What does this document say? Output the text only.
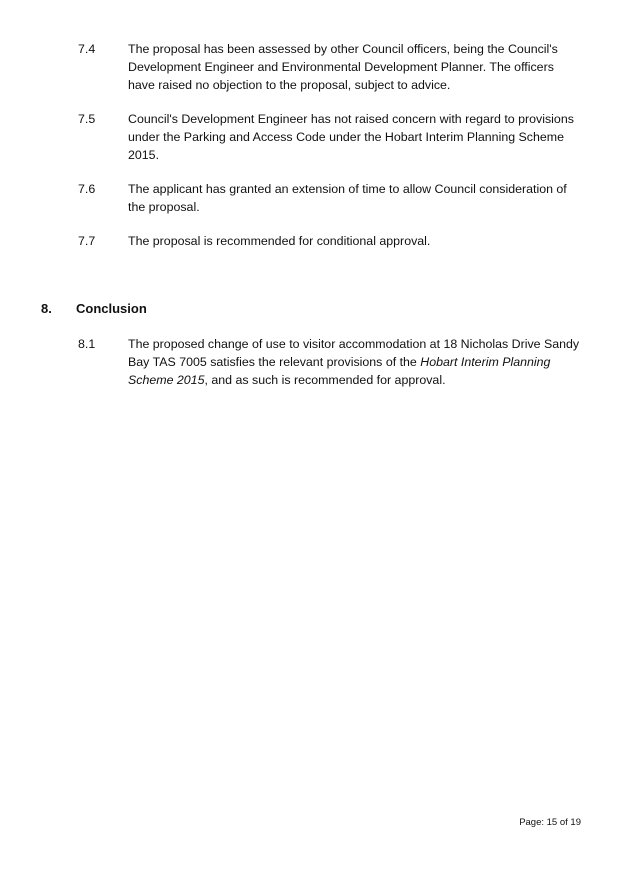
7.4	The proposal has been assessed by other Council officers, being the Council's
Development Engineer and Environmental Development Planner. The officers
have raised no objection to the proposal, subject to advice.
7.5	Council's Development Engineer has not raised concern with regard to provisions
under the Parking and Access Code under the Hobart Interim Planning Scheme
2015.
7.6	The applicant has granted an extension of time to allow Council consideration of
the proposal.
7.7	The proposal is recommended for conditional approval.
8. Conclusion
8.1	The proposed change of use to visitor accommodation at 18 Nicholas Drive Sandy
Bay TAS 7005 satisfies the relevant provisions of the Hobart Interim Planning
Scheme 2015, and as such is recommended for approval.
Page: 15 of 19
